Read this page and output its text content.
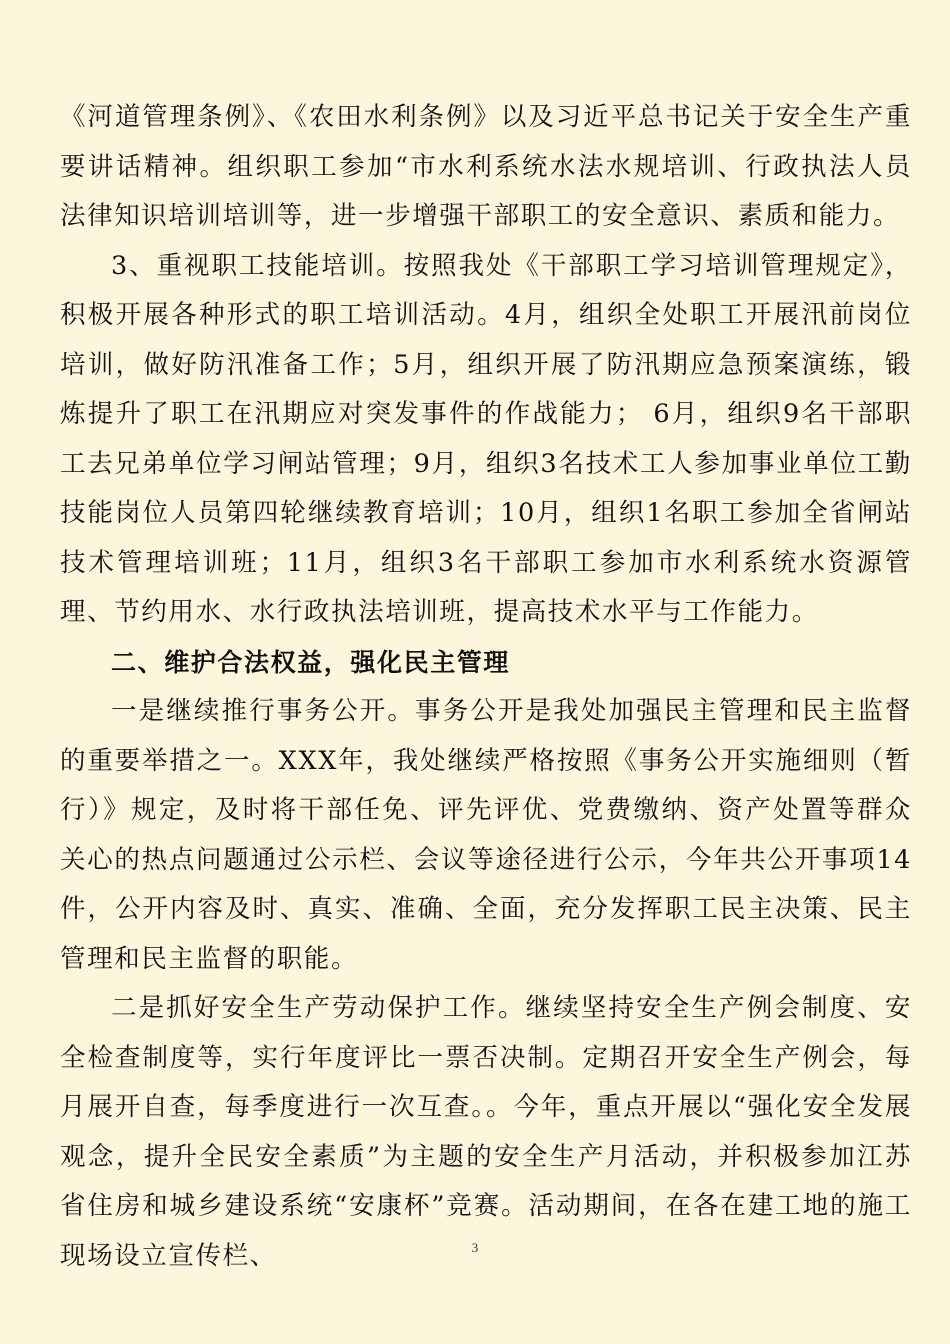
《河道管理条例》、《农田水利条例》以及习近平总书记关于安全生产重要讲话精神。组织职工参加“市水利系统水法水规培训、行政执法人员法律知识培训培训等，进一步增强干部职工的安全意识、素质和能力。

3、重视职工技能培训。按照我处《干部职工学习培训管理规定》，积极开展各种形式的职工培训活动。4月，组织全处职工开展汛前岗位培训，做好防汛准备工作；5月，组织开展了防汛期应急预案演练，锻炼提升了职工在汛期应对突发事件的作战能力； 6月，组织9名干部职工去兄弟单位学习闸站管理；9月，组织3名技术工人参加事业单位工勤技能岗位人员第四轮继续教育培训；10月，组织1名职工参加全省闸站技术管理培训班；11月，组织3名干部职工参加市水利系统水资源管理、节约用水、水行政执法培训班，提高技术水平与工作能力。

二、维护合法权益，强化民主管理

一是继续推行事务公开。事务公开是我处加强民主管理和民主监督的重要举措之一。XXX年，我处继续严格按照《事务公开实施细则（暂行）》规定，及时将干部任免、评先评优、党费缴纳、资产处置等群众关心的热点问题通过公示栏、会议等途径进行公示，今年共公开事项14件，公开内容及时、真实、准确、全面，充分发挥职工民主决策、民主管理和民主监督的职能。

二是抓好安全生产劳动保护工作。继续坚持安全生产例会制度、安全检查制度等，实行年度评比一票否决制。定期召开安全生产例会，每月展开自查，每季度进行一次互查。。今年，重点开展以“强化安全发展观念，提升全民安全素质”为主题的安全生产月活动，并积极参加江苏省住房和城乡建设系统“安康杯”竞赛。活动期间，在各在建工地的施工现场设立宣传栏、	3
